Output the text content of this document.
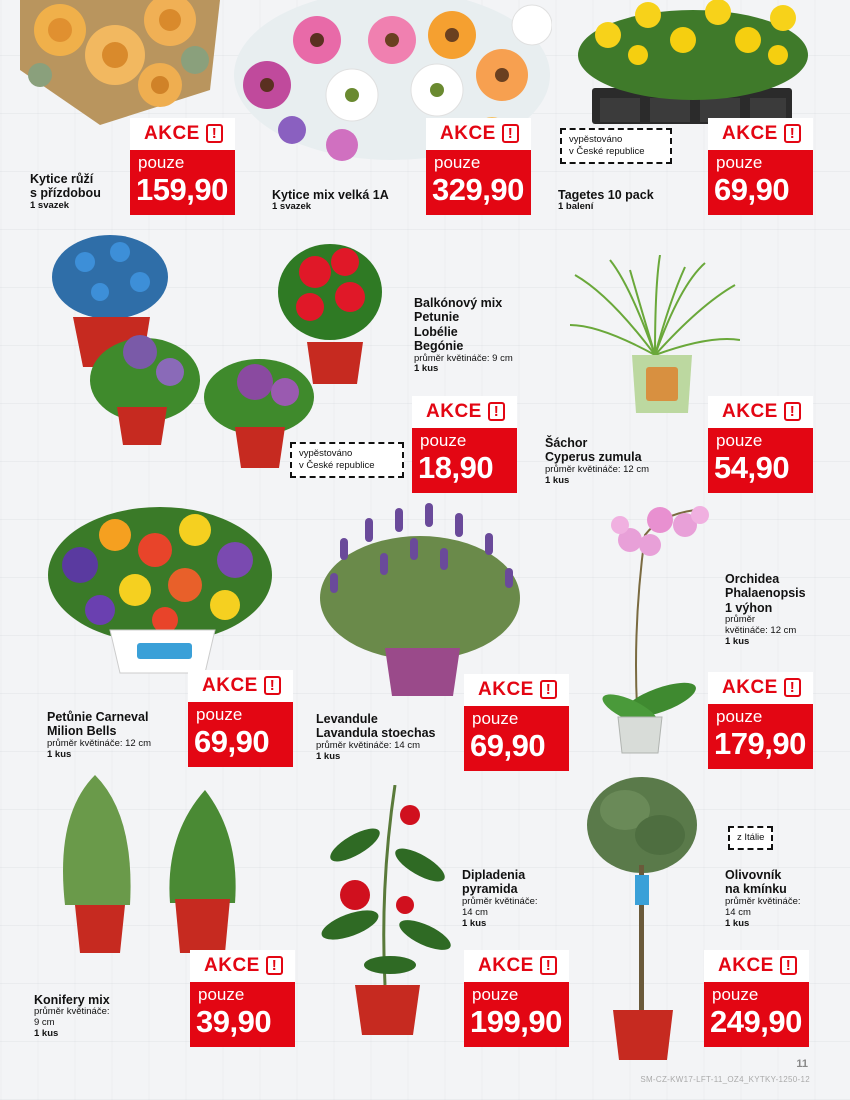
vypěstováno
v České republice
Kytice růží
s přízdobou
1 svazek
AKCE !
pouze
159,90	Kytice mix velká 1A
1 svazek
AKCE !
pouze
329,90	Tagetes 10 pack
1 balení
AKCE !
pouze
69,90
vypěstováno
v České republice
Balkónový mix
Petunie
Lobélie
Begónie
průměr květináče: 9 cm
1 kus
AKCE !
pouze
18,90
Šáchor
Cyperus zumula
průměr květináče: 12 cm
1 kus
AKCE !
pouze
54,90
Petůnie Carneval
Milion Bells
průměr květináče: 12 cm
1 kus
AKCE !
pouze
69,90
Levandule
Lavandula stoechas
průměr květináče: 14 cm
1 kus
AKCE !
pouze
69,90
Orchidea
Phalaenopsis
1 výhon
průměr
květináče: 12 cm
1 kus
AKCE !
pouze
179,90
Konifery mix
průměr květináče:
9 cm
1 kus
AKCE !
pouze
39,90
Dipladenia
pyramida
průměr květináče:
14 cm
1 kus
AKCE !
pouze
199,90
z Itálie
Olivovník
na kmínku
průměr květináče:
14 cm
1 kus
AKCE !
pouze
249,90
11
SM-CZ-KW17-LFT-11_OZ4_KYTKY-1250-12
